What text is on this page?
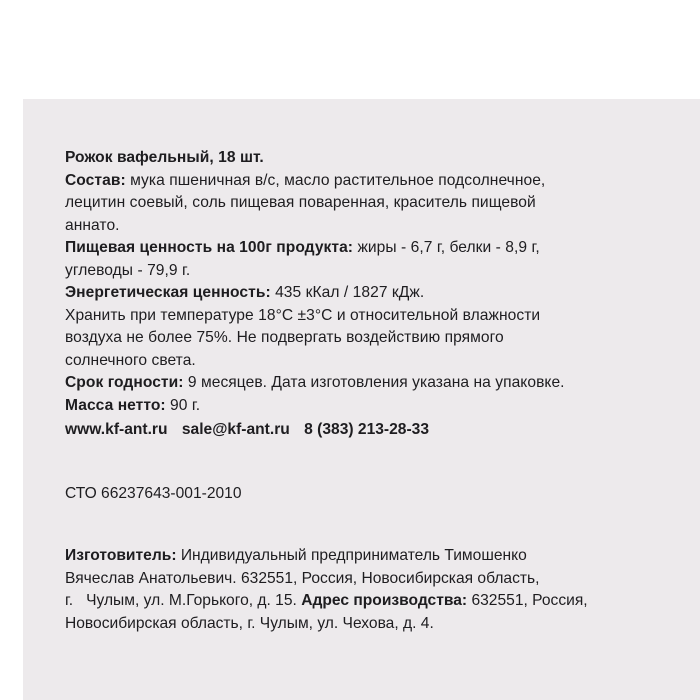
Рожок вафельный, 18 шт.
Состав: мука пшеничная в/с, масло растительное подсолнечное,
лецитин соевый, соль пищевая поваренная, краситель пищевой
аннато.
Пищевая ценность на 100г продукта: жиры - 6,7 г, белки - 8,9 г,
углеводы - 79,9 г.
Энергетическая ценность: 435 кКал / 1827 кДж.
Хранить при температуре 18°C ±3°C и относительной влажности
воздуха не более 75%. Не подвергать воздействию прямого
солнечного света.
Срок годности: 9 месяцев. Дата изготовления указана на упаковке.
Масса нетто: 90 г.
www.kf-ant.ru sale@kf-ant.ru 8 (383) 213-28-33
СТО 66237643-001-2010
Изготовитель: Индивидуальный предприниматель Тимошенко
Вячеслав Анатольевич. 632551, Россия, Новосибирская область,
г.   Чулым, ул. М.Горького, д. 15. Адрес производства: 632551, Россия,
Новосибирская область, г. Чулым, ул. Чехова, д. 4.
